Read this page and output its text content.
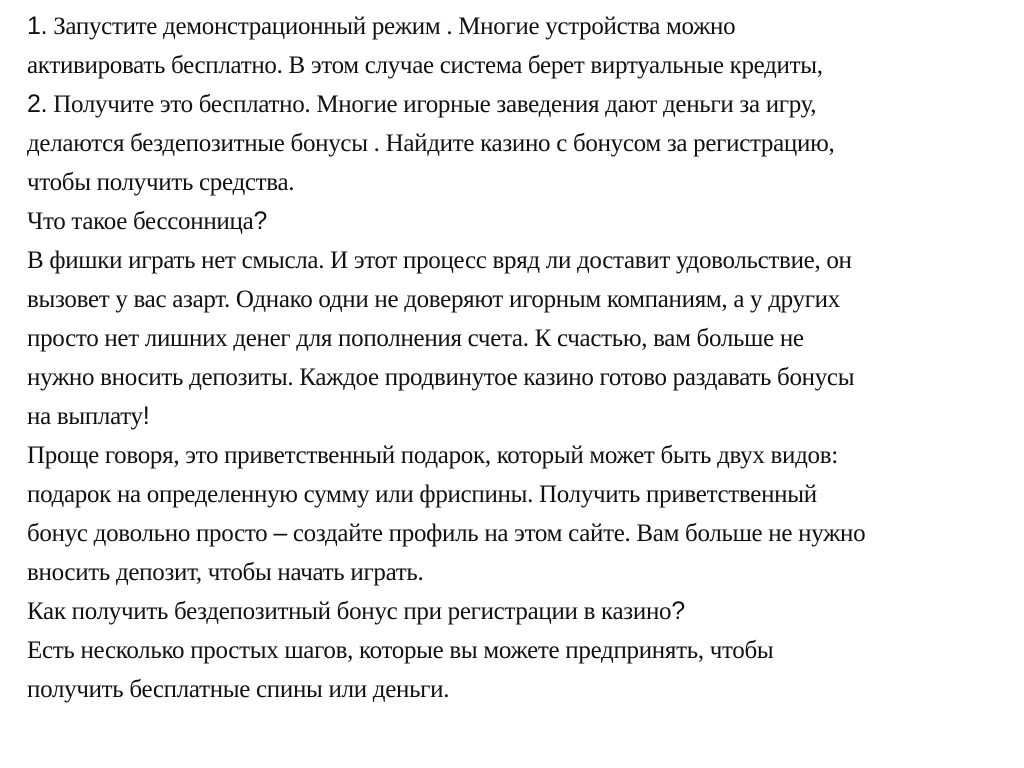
1. Запустите демонстрационный режим . Многие устройства можно
активировать бесплатно. В этом случае система берет виртуальные кредиты,
2. Получите это бесплатно. Многие игорные заведения дают деньги за игру,
делаются бездепозитные бонусы . Найдите казино с бонусом за регистрацию,
чтобы получить средства.
Что такое бессонница?
В фишки играть нет смысла. И этот процесс вряд ли доставит удовольствие, он
вызовет у вас азарт. Однако одни не доверяют игорным компаниям, а у других
просто нет лишних денег для пополнения счета. К счастью, вам больше не
нужно вносить депозиты. Каждое продвинутое казино готово раздавать бонусы
на выплату!
Проще говоря, это приветственный подарок, который может быть двух видов:
подарок на определенную сумму или фриспины. Получить приветственный
бонус довольно просто – создайте профиль на этом сайте. Вам больше не нужно
вносить депозит, чтобы начать играть.
Как получить бездепозитный бонус при регистрации в казино?
Есть несколько простых шагов, которые вы можете предпринять, чтобы
получить бесплатные спины или деньги.
